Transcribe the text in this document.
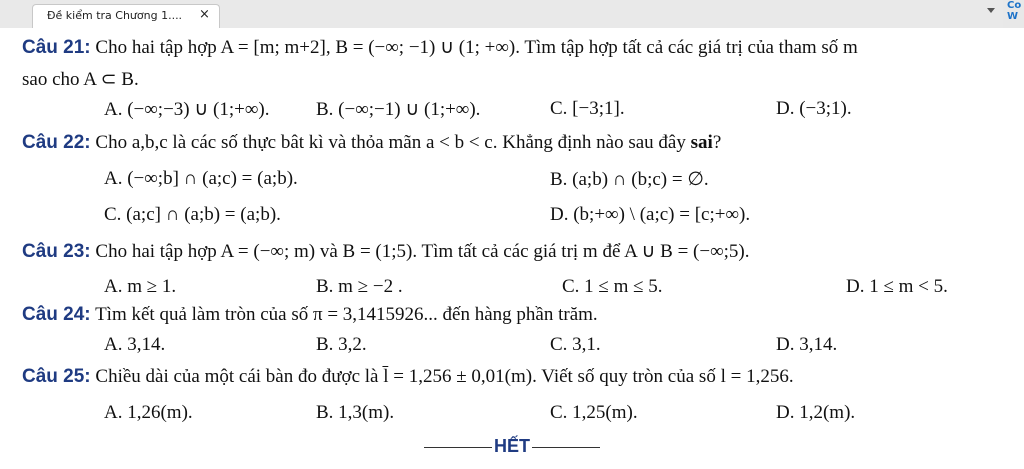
Đề kiểm tra Chương 1.... ×
Co W
Câu 21: Cho hai tập hợp A = [m; m+2], B = (−∞; −1) ∪ (1; +∞). Tìm tập hợp tất cả các giá trị của tham số m
sao cho A ⊂ B.
A. (−∞;−3) ∪ (1;+∞). B. (−∞;−1) ∪ (1;+∞).	C. [−3;1].	D. (−3;1).
Câu 22: Cho a,b,c là các số thực bât kì và thỏa mãn a < b < c. Khẳng định nào sau đây sai?
A. (−∞;b] ∩ (a;c) = (a;b).	B. (a;b) ∩ (b;c) = ∅.
C. (a;c] ∩ (a;b) = (a;b).	D. (b;+∞) \ (a;c) = [c;+∞).
Câu 23: Cho hai tập hợp A = (−∞; m) và B = (1;5). Tìm tất cả các giá trị m để A ∪ B = (−∞;5).
A. m ≥ 1.	B. m ≥ −2 .	C. 1 ≤ m ≤ 5.	D. 1 ≤ m < 5.
Câu 24: Tìm kết quả làm tròn của số π = 3,1415926... đến hàng phần trăm.
A. 3,14.	B. 3,2.	C. 3,1.	D. 3,14.
Câu 25: Chiều dài của một cái bàn đo được là l̄ = 1,256 ± 0,01(m). Viết số quy tròn của số l = 1,256.
A. 1,26(m).	B. 1,3(m).	C. 1,25(m).	D. 1,2(m).
HẾT
